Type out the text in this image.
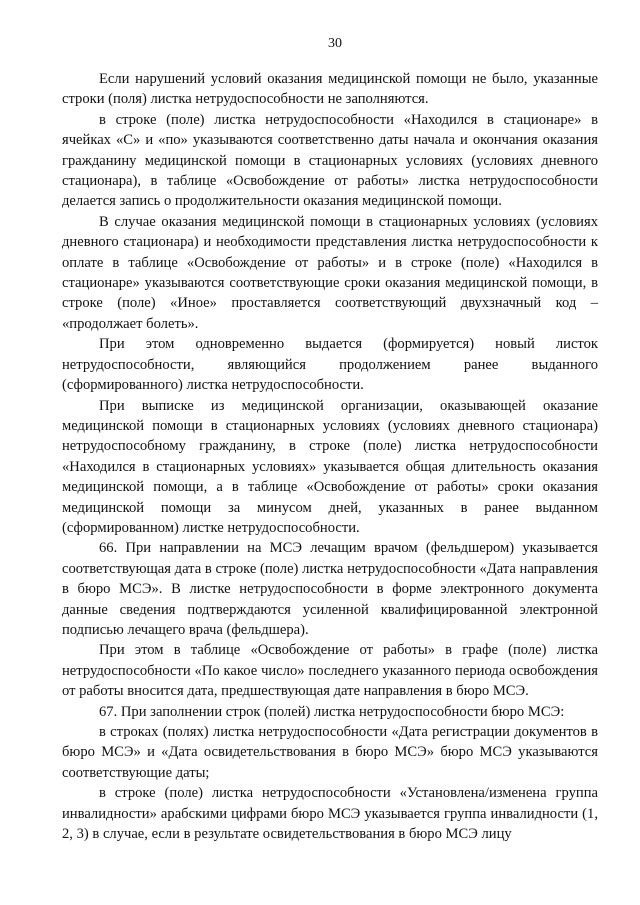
30

Если нарушений условий оказания медицинской помощи не было, указанные строки (поля) листка нетрудоспособности не заполняются.

в строке (поле) листка нетрудоспособности «Находился в стационаре» в ячейках «С» и «по» указываются соответственно даты начала и окончания оказания гражданину медицинской помощи в стационарных условиях (условиях дневного стационара), в таблице «Освобождение от работы» листка нетрудоспособности делается запись о продолжительности оказания медицинской помощи.

В случае оказания медицинской помощи в стационарных условиях (условиях дневного стационара) и необходимости представления листка нетрудоспособности к оплате в таблице «Освобождение от работы» и в строке (поле) «Находился в стационаре» указываются соответствующие сроки оказания медицинской помощи, в строке (поле) «Иное» проставляется соответствующий двухзначный код – «продолжает болеть».

При этом одновременно выдается (формируется) новый листок нетрудоспособности, являющийся продолжением ранее выданного (сформированного) листка нетрудоспособности.

При выписке из медицинской организации, оказывающей оказание медицинской помощи в стационарных условиях (условиях дневного стационара) нетрудоспособному гражданину, в строке (поле) листка нетрудоспособности «Находился в стационарных условиях» указывается общая длительность оказания медицинской помощи, а в таблице «Освобождение от работы» сроки оказания медицинской помощи за минусом дней, указанных в ранее выданном (сформированном) листке нетрудоспособности.

66. При направлении на МСЭ лечащим врачом (фельдшером) указывается соответствующая дата в строке (поле) листка нетрудоспособности «Дата направления в бюро МСЭ». В листке нетрудоспособности в форме электронного документа данные сведения подтверждаются усиленной квалифицированной электронной подписью лечащего врача (фельдшера).

При этом в таблице «Освобождение от работы» в графе (поле) листка нетрудоспособности «По какое число» последнего указанного периода освобождения от работы вносится дата, предшествующая дате направления в бюро МСЭ.

67. При заполнении строк (полей) листка нетрудоспособности бюро МСЭ:

в строках (полях) листка нетрудоспособности «Дата регистрации документов в бюро МСЭ» и «Дата освидетельствования в бюро МСЭ» бюро МСЭ указываются соответствующие даты;

в строке (поле) листка нетрудоспособности «Установлена/изменена группа инвалидности» арабскими цифрами бюро МСЭ указывается группа инвалидности (1, 2, 3) в случае, если в результате освидетельствования в бюро МСЭ лицу
